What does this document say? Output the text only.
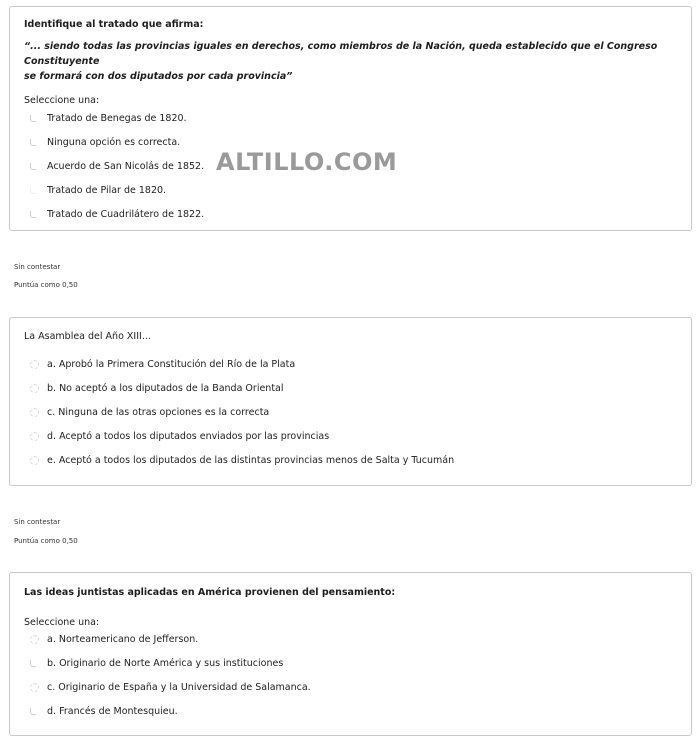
Identifique al tratado que afirma:
“... siendo todas las provincias iguales en derechos, como miembros de la Nación, queda establecido que el Congreso Constituyente
se formará con dos diputados por cada provincia”
Seleccione una:
Tratado de Benegas de 1820.
Ninguna opción es correcta.
Acuerdo de San Nicolás de 1852.
Tratado de Pilar de 1820.
Tratado de Cuadrilátero de 1822.
ALTILLO.COM
Sin contestar
Puntúa como 0,50
La Asamblea del Año XIII...
a. Aprobó la Primera Constitución del Río de la Plata
b. No aceptó a los diputados de la Banda Oriental
c. Ninguna de las otras opciones es la correcta
d. Aceptó a todos los diputados enviados por las provincias
e. Aceptó a todos los diputados de las distintas provincias menos de Salta y Tucumán
Sin contestar
Puntúa como 0,50
Las ideas juntistas aplicadas en América provienen del pensamiento:
Seleccione una:
a. Norteamericano de Jefferson.
b. Originario de Norte América y sus instituciones
c. Originario de España y la Universidad de Salamanca.
d. Francés de Montesquieu.
